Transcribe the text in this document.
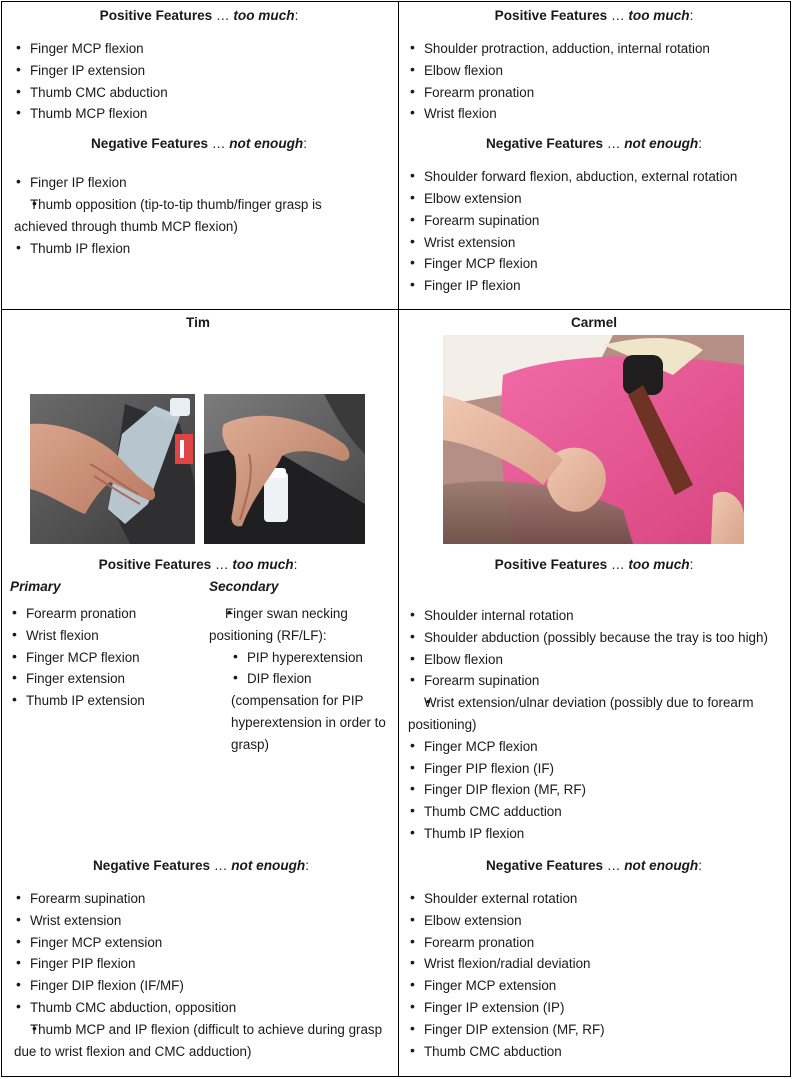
Positive Features … too much:
• Finger MCP flexion
• Finger IP extension
• Thumb CMC abduction
• Thumb MCP flexion
Negative Features … not enough:
• Finger IP flexion
• Thumb opposition (tip-to-tip thumb/finger grasp is achieved through thumb MCP flexion)
• Thumb IP flexion
Positive Features … too much:
• Shoulder protraction, adduction, internal rotation
• Elbow flexion
• Forearm pronation
• Wrist flexion
Negative Features … not enough:
• Shoulder forward flexion, abduction, external rotation
• Elbow extension
• Forearm supination
• Wrist extension
• Finger MCP flexion
• Finger IP flexion
Tim
Positive Features … too much:
Primary
• Forearm pronation
• Wrist flexion
• Finger MCP flexion
• Finger extension
• Thumb IP extension
Secondary
• Finger swan necking positioning (RF/LF):
• PIP hyperextension
• DIP flexion
(compensation for PIP hyperextension in order to grasp)
Negative Features … not enough:
• Forearm supination
• Wrist extension
• Finger MCP extension
• Finger PIP flexion
• Finger DIP flexion (IF/MF)
• Thumb CMC abduction, opposition
• Thumb MCP and IP flexion (difficult to achieve during grasp due to wrist flexion and CMC adduction)
Carmel
Positive Features … too much:
• Shoulder internal rotation
• Shoulder abduction (possibly because the tray is too high)
• Elbow flexion
• Forearm supination
• Wrist extension/ulnar deviation (possibly due to forearm positioning)
• Finger MCP flexion
• Finger PIP flexion (IF)
• Finger DIP flexion (MF, RF)
• Thumb CMC adduction
• Thumb IP flexion
Negative Features … not enough:
• Shoulder external rotation
• Elbow extension
• Forearm pronation
• Wrist flexion/radial deviation
• Finger MCP extension
• Finger IP extension (IP)
• Finger DIP extension (MF, RF)
• Thumb CMC abduction
